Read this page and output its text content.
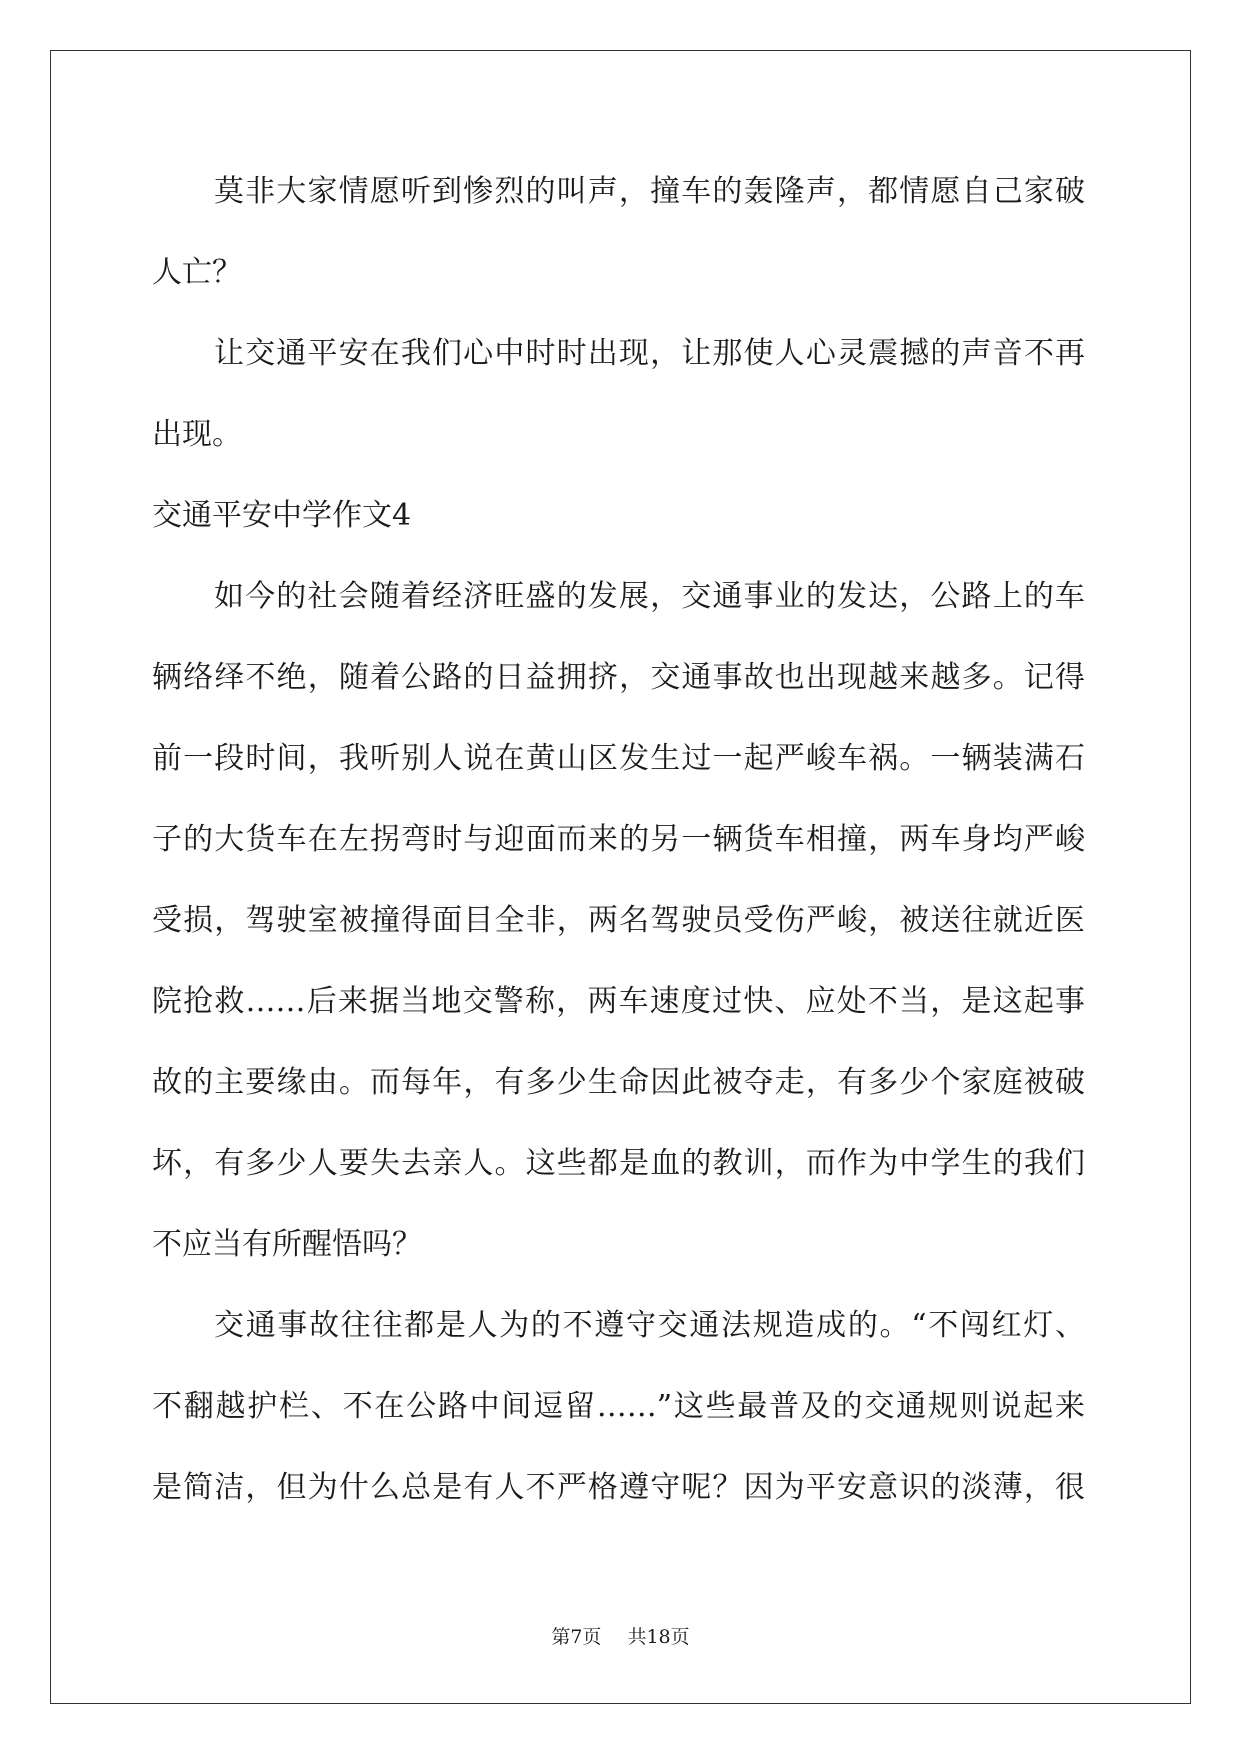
莫非大家情愿听到惨烈的叫声，撞车的轰隆声，都情愿自己家破
人亡？
让交通平安在我们心中时时出现，让那使人心灵震撼的声音不再
出现。
交通平安中学作文4
如今的社会随着经济旺盛的发展，交通事业的发达，公路上的车
辆络绎不绝，随着公路的日益拥挤，交通事故也出现越来越多。记得
前一段时间，我听别人说在黄山区发生过一起严峻车祸。一辆装满石
子的大货车在左拐弯时与迎面而来的另一辆货车相撞，两车身均严峻
受损，驾驶室被撞得面目全非，两名驾驶员受伤严峻，被送往就近医
院抢救……后来据当地交警称，两车速度过快、应处不当，是这起事
故的主要缘由。而每年，有多少生命因此被夺走，有多少个家庭被破
坏，有多少人要失去亲人。这些都是血的教训，而作为中学生的我们
不应当有所醒悟吗？
交通事故往往都是人为的不遵守交通法规造成的。“不闯红灯、
不翻越护栏、不在公路中间逗留……”这些最普及的交通规则说起来
是简洁，但为什么总是有人不严格遵守呢？因为平安意识的淡薄，很
第7页 共18页
